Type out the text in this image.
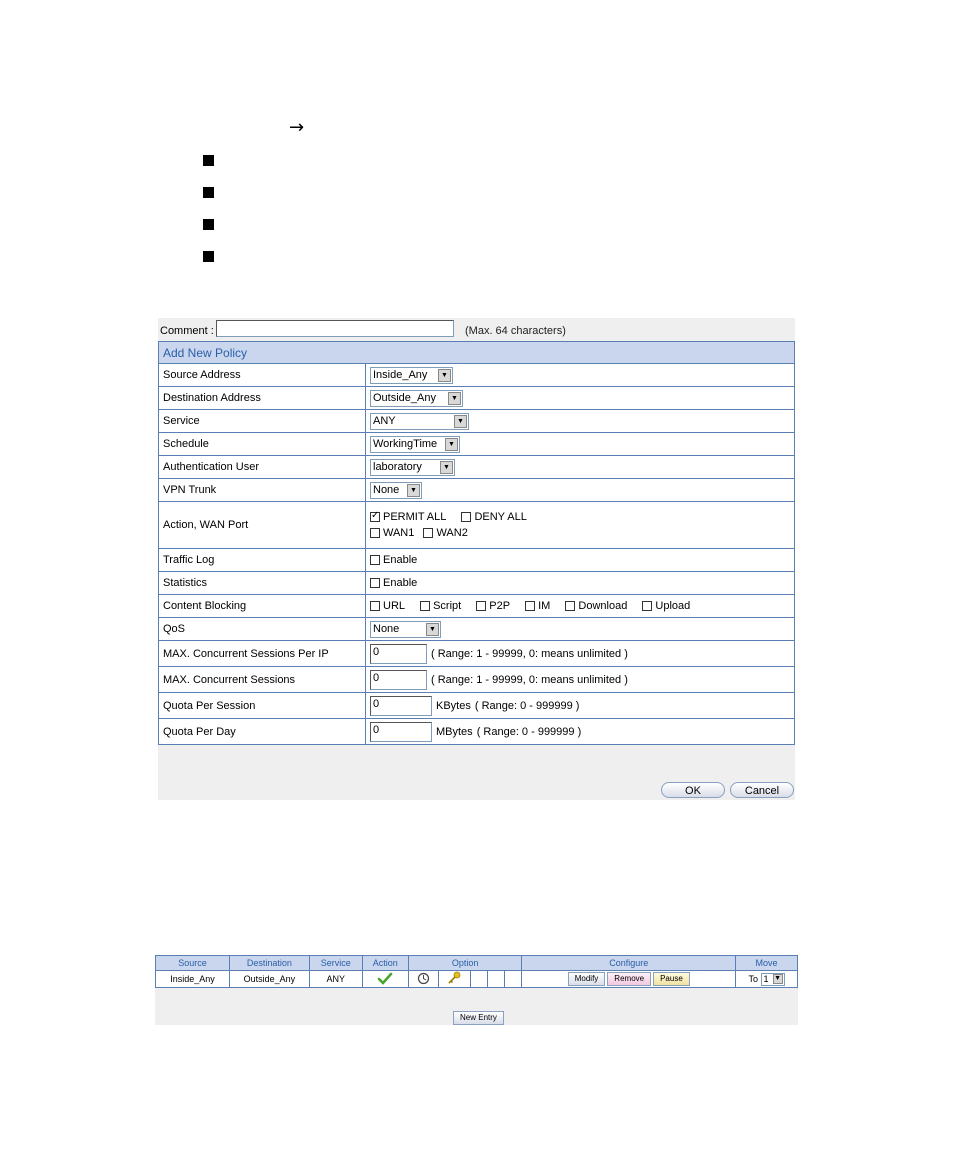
→
Comment :	(Max. 64 characters)
Add New Policy	
Source Address	Inside_Any ▼

Destination Address	Outside_Any ▼

Service	ANY ▼

Schedule	WorkingTime ▼

Authentication User	laboratory ▼

VPN Trunk	None ▼

Action, WAN Port	
✓PERMIT ALL DENY ALL
WAN1 WAN2

Traffic Log	Enable
Statistics	Enable
Content Blocking	URL Script P2P IM Download Upload
QoS	None ▼

MAX. Concurrent Sessions Per IP	0 ( Range: 1 - 99999, 0: means unlimited )
MAX. Concurrent Sessions	0 ( Range: 1 - 99999, 0: means unlimited )
Quota Per Session	0 KBytes ( Range: 0 - 999999 )
Quota Per Day	0 MBytes ( Range: 0 - 999999 )
OK	Cancel
Source	Destination	Service	Action	Option					Configure	Move
Inside_Any	Outside_Any	ANY							Modify Remove Pause	To 1 ▼
New Entry
